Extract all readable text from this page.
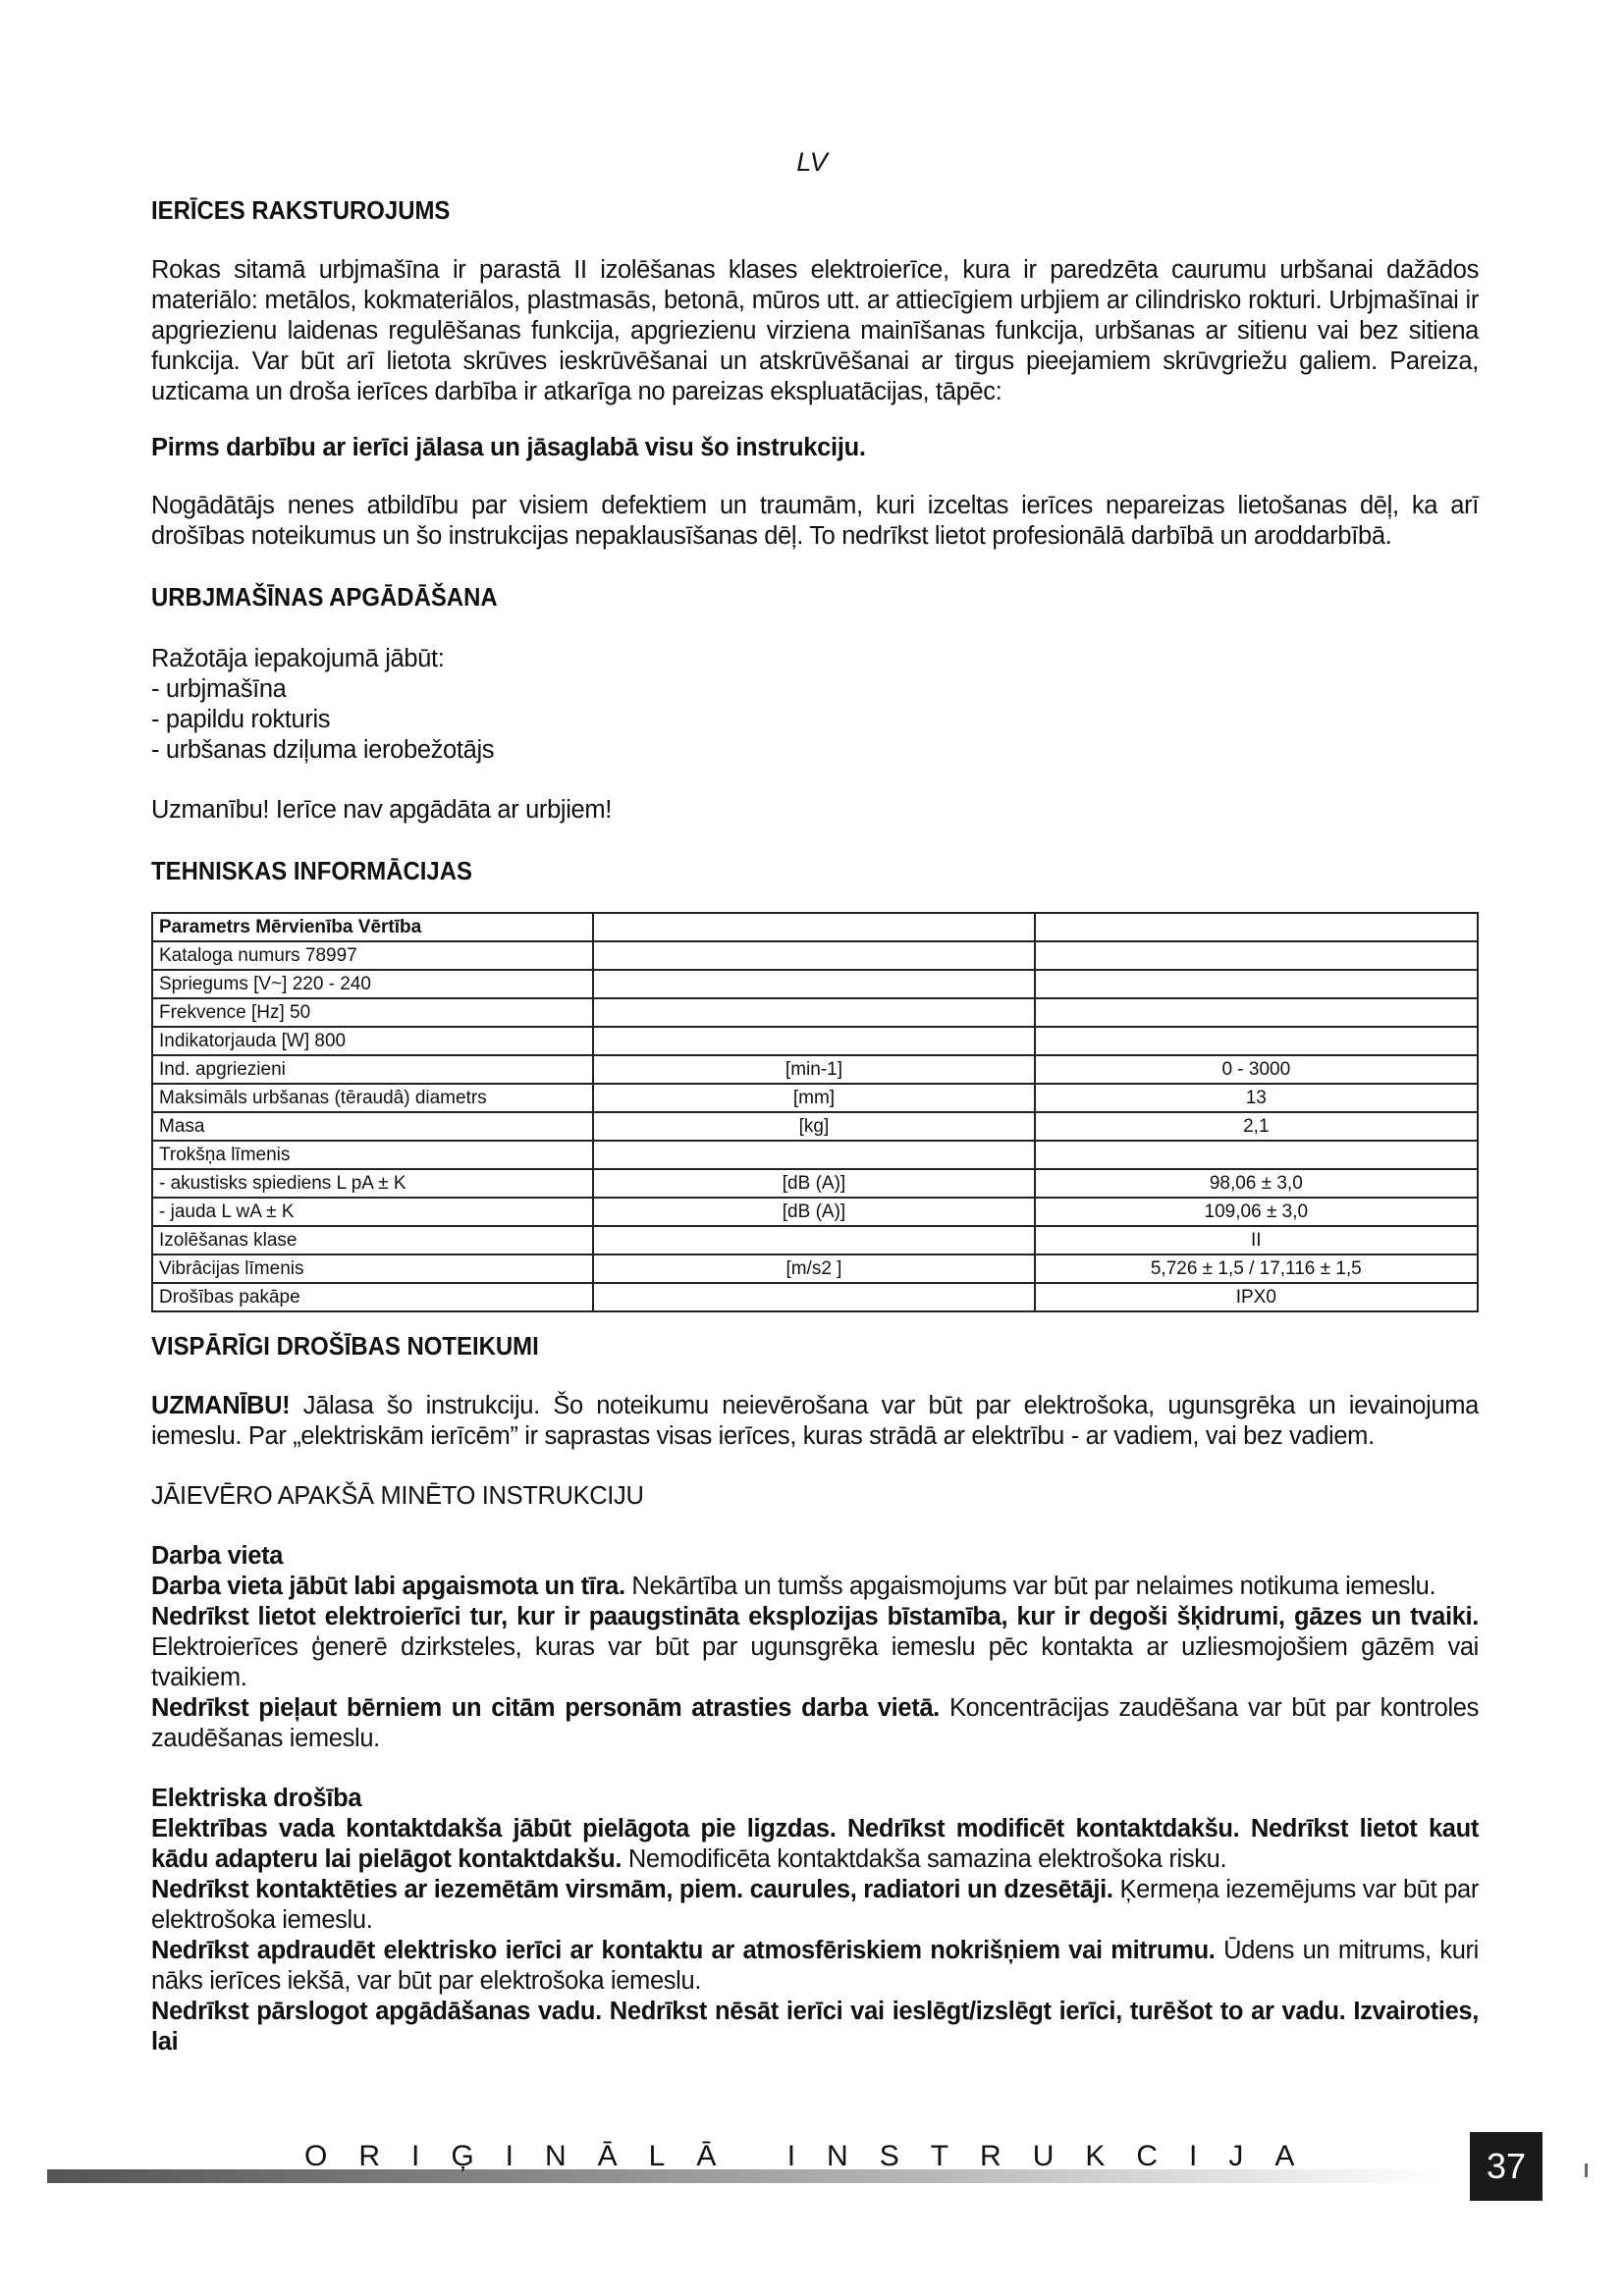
LV
IERĪCES RAKSTUROJUMS

Rokas sitamā urbjmašīna ir parastā II izolēšanas klases elektroierīce, kura ir paredzēta caurumu urbšanai dažādos materiālo: metālos, kokmateriālos, plastmasās, betonā, mūros utt. ar attiecīgiem urbjiem ar cilindrisko rokturi. Urbjmašīnai ir apgriezienu laidenas regulēšanas funkcija, apgriezienu virziena mainīšanas funkcija, urbšanas ar sitienu vai bez sitiena funkcija. Var būt arī lietota skrūves ieskrūvēšanai un atskrūvēšanai ar tirgus pieejamiem skrūvgriežu galiem. Pareiza, uzticama un droša ierīces darbība ir atkarīga no pareizas ekspluatācijas, tāpēc:

Pirms darbību ar ierīci jālasa un jāsaglabā visu šo instrukciju.

Nogādātājs nenes atbildību par visiem defektiem un traumām, kuri izceltas ierīces nepareizas lietošanas dēļ, ka arī drošības noteikumus un šo instrukcijas nepaklausīšanas dēļ. To nedrīkst lietot profesionālā darbībā un aroddarbībā.

URBJMAŠĪNAS APGĀDĀŠANA

Ražotāja iepakojumā jābūt:

- urbjmašīna

- papildu rokturis

- urbšanas dziļuma ierobežotājs

Uzmanību! Ierīce nav apgādāta ar urbjiem!

TEHNISKAS INFORMĀCIJAS
Parametrs Mērvienība Vērtība		
Kataloga numurs 78997		
Spriegums [V~] 220 - 240		
Frekvence [Hz] 50		
Indikatorjauda [W] 800		
Ind. apgriezieni	[min-1]	0 - 3000
Maksimāls urbšanas (tēraudâ) diametrs	[mm]	13
Masa	[kg]	2,1
Trokšņa līmenis		
- akustisks spiediens L pA ± K	[dB (A)]	98,06 ± 3,0
- jauda L wA ± K	[dB (A)]	109,06 ± 3,0
Izolēšanas klase		II
Vibrâcijas līmenis	[m/s2 ]	5,726 ± 1,5 / 17,116 ± 1,5
Drošības pakāpe		IPX0
VISPĀRĪGI DROŠĪBAS NOTEIKUMI

UZMANĪBU! Jālasa šo instrukciju. Šo noteikumu neievērošana var būt par elektrošoka, ugunsgrēka un ievainojuma iemeslu. Par „elektriskām ierīcēm” ir saprastas visas ierīces, kuras strādā ar elektrību - ar vadiem, vai bez vadiem.

JĀIEVĒRO APAKŠĀ MINĒTO INSTRUKCIJU

Darba vieta

Darba vieta jābūt labi apgaismota un tīra. Nekārtība un tumšs apgaismojums var būt par nelaimes notikuma iemeslu.

Nedrīkst lietot elektroierīci tur, kur ir paaugstināta eksplozijas bīstamība, kur ir degoši šķidrumi, gāzes un tvaiki. Elektroierīces ģenerē dzirksteles, kuras var būt par ugunsgrēka iemeslu pēc kontakta ar uzliesmojošiem gāzēm vai tvaikiem.

Nedrīkst pieļaut bērniem un citām personām atrasties darba vietā. Koncentrācijas zaudēšana var būt par kontroles zaudēšanas iemeslu.

Elektriska drošība

Elektrības vada kontaktdakša jābūt pielāgota pie ligzdas. Nedrīkst modificēt kontaktdakšu. Nedrīkst lietot kaut kādu adapteru lai pielāgot kontaktdakšu. Nemodificēta kontaktdakša samazina elektrošoka risku.

Nedrīkst kontaktēties ar iezemētām virsmām, piem. caurules, radiatori un dzesētāji. Ķermeņa iezemējums var būt par elektrošoka iemeslu.

Nedrīkst apdraudēt elektrisko ierīci ar kontaktu ar atmosfēriskiem nokrišņiem vai mitrumu. Ūdens un mitrums, kuri nāks ierīces iekšā, var būt par elektrošoka iemeslu.

Nedrīkst pārslogot apgādāšanas vadu. Nedrīkst nēsāt ierīci vai ieslēgt/izslēgt ierīci, turēšot to ar vadu. Izvairoties, lai

ORIĢINĀLĀ INSTRUKCIJA	37
